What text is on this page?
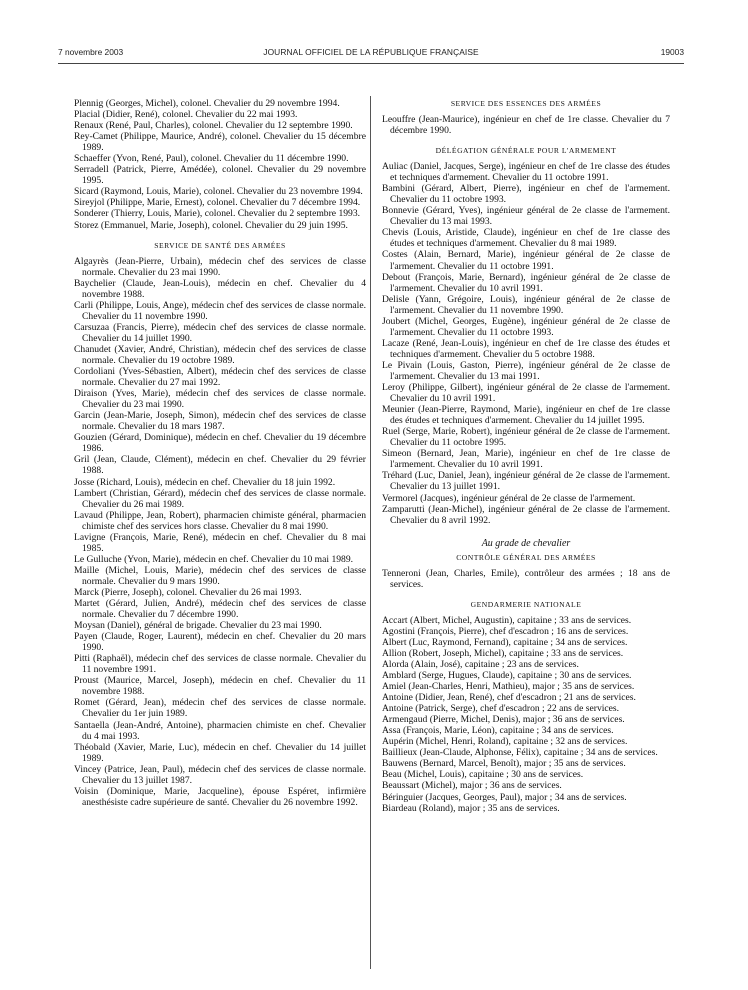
7 novembre 2003	JOURNAL OFFICIEL DE LA RÉPUBLIQUE FRANÇAISE	19003
Plennig (Georges, Michel), colonel. Chevalier du 29 novembre 1994.
Placial (Didier, René), colonel. Chevalier du 22 mai 1993.
Renaux (René, Paul, Charles), colonel. Chevalier du 12 septembre 1990.
Rey-Camet (Philippe, Maurice, André), colonel. Chevalier du 15 décembre 1989.
Schaeffer (Yvon, René, Paul), colonel. Chevalier du 11 décembre 1990.
Serradell (Patrick, Pierre, Amédée), colonel. Chevalier du 29 novembre 1995.
Sicard (Raymond, Louis, Marie), colonel. Chevalier du 23 novembre 1994.
Sireyjol (Philippe, Marie, Ernest), colonel. Chevalier du 7 décembre 1994.
Sonderer (Thierry, Louis, Marie), colonel. Chevalier du 2 septembre 1993.
Storez (Emmanuel, Marie, Joseph), colonel. Chevalier du 29 juin 1995.
SERVICE DE SANTÉ DES ARMÉES
Algayrès (Jean-Pierre, Urbain), médecin chef des services de classe normale. Chevalier du 23 mai 1990.
Baychelier (Claude, Jean-Louis), médecin en chef. Chevalier du 4 novembre 1988.
Carli (Philippe, Louis, Ange), médecin chef des services de classe normale. Chevalier du 11 novembre 1990.
Carsuzaa (Francis, Pierre), médecin chef des services de classe normale. Chevalier du 14 juillet 1990.
Chanudet (Xavier, André, Christian), médecin chef des services de classe normale. Chevalier du 19 octobre 1989.
Cordoliani (Yves-Sébastien, Albert), médecin chef des services de classe normale. Chevalier du 27 mai 1992.
Diraison (Yves, Marie), médecin chef des services de classe normale. Chevalier du 23 mai 1990.
Garcin (Jean-Marie, Joseph, Simon), médecin chef des services de classe normale. Chevalier du 18 mars 1987.
Gouzien (Gérard, Dominique), médecin en chef. Chevalier du 19 décembre 1986.
Gril (Jean, Claude, Clément), médecin en chef. Chevalier du 29 février 1988.
Josse (Richard, Louis), médecin en chef. Chevalier du 18 juin 1992.
Lambert (Christian, Gérard), médecin chef des services de classe normale. Chevalier du 26 mai 1989.
Lavaud (Philippe, Jean, Robert), pharmacien chimiste général, pharmacien chimiste chef des services hors classe. Chevalier du 8 mai 1990.
Lavigne (François, Marie, René), médecin en chef. Chevalier du 8 mai 1985.
Le Gulluche (Yvon, Marie), médecin en chef. Chevalier du 10 mai 1989.
Maille (Michel, Louis, Marie), médecin chef des services de classe normale. Chevalier du 9 mars 1990.
Marck (Pierre, Joseph), colonel. Chevalier du 26 mai 1993.
Martet (Gérard, Julien, André), médecin chef des services de classe normale. Chevalier du 7 décembre 1990.
Moysan (Daniel), général de brigade. Chevalier du 23 mai 1990.
Payen (Claude, Roger, Laurent), médecin en chef. Chevalier du 20 mars 1990.
Pitti (Raphaël), médecin chef des services de classe normale. Chevalier du 11 novembre 1991.
Proust (Maurice, Marcel, Joseph), médecin en chef. Chevalier du 11 novembre 1988.
Romet (Gérard, Jean), médecin chef des services de classe normale. Chevalier du 1er juin 1989.
Santaella (Jean-André, Antoine), pharmacien chimiste en chef. Chevalier du 4 mai 1993.
Théobald (Xavier, Marie, Luc), médecin en chef. Chevalier du 14 juillet 1989.
Vincey (Patrice, Jean, Paul), médecin chef des services de classe normale. Chevalier du 13 juillet 1987.
Voisin (Dominique, Marie, Jacqueline), épouse Espéret, infirmière anesthésiste cadre supérieure de santé. Chevalier du 26 novembre 1992.
SERVICE DES ESSENCES DES ARMÉES
Leouffre (Jean-Maurice), ingénieur en chef de 1re classe. Chevalier du 7 décembre 1990.
DÉLÉGATION GÉNÉRALE POUR L'ARMEMENT
Auliac (Daniel, Jacques, Serge), ingénieur en chef de 1re classe des études et techniques d'armement. Chevalier du 11 octobre 1991.
Bambini (Gérard, Albert, Pierre), ingénieur en chef de l'armement. Chevalier du 11 octobre 1993.
Bonnevie (Gérard, Yves), ingénieur général de 2e classe de l'armement. Chevalier du 13 mai 1993.
Chevis (Louis, Aristide, Claude), ingénieur en chef de 1re classe des études et techniques d'armement. Chevalier du 8 mai 1989.
Costes (Alain, Bernard, Marie), ingénieur général de 2e classe de l'armement. Chevalier du 11 octobre 1991.
Debout (François, Marie, Bernard), ingénieur général de 2e classe de l'armement. Chevalier du 10 avril 1991.
Delisle (Yann, Grégoire, Louis), ingénieur général de 2e classe de l'armement. Chevalier du 11 novembre 1990.
Joubert (Michel, Georges, Eugène), ingénieur général de 2e classe de l'armement. Chevalier du 11 octobre 1993.
Lacaze (René, Jean-Louis), ingénieur en chef de 1re classe des études et techniques d'armement. Chevalier du 5 octobre 1988.
Le Pivain (Louis, Gaston, Pierre), ingénieur général de 2e classe de l'armement. Chevalier du 13 mai 1991.
Leroy (Philippe, Gilbert), ingénieur général de 2e classe de l'armement. Chevalier du 10 avril 1991.
Meunier (Jean-Pierre, Raymond, Marie), ingénieur en chef de 1re classe des études et techniques d'armement. Chevalier du 14 juillet 1995.
Ruel (Serge, Marie, Robert), ingénieur général de 2e classe de l'armement. Chevalier du 11 octobre 1995.
Simeon (Bernard, Jean, Marie), ingénieur en chef de 1re classe de l'armement. Chevalier du 10 avril 1991.
Tréhard (Luc, Daniel, Jean), ingénieur général de 2e classe de l'armement. Chevalier du 13 juillet 1991.
Vermorel (Jacques), ingénieur général de 2e classe de l'armement.
Zamparutti (Jean-Michel), ingénieur général de 2e classe de l'armement. Chevalier du 8 avril 1992.
Au grade de chevalier
CONTRÔLE GÉNÉRAL DES ARMÉES
Tenneroni (Jean, Charles, Emile), contrôleur des armées ; 18 ans de services.
GENDARMERIE NATIONALE
Accart (Albert, Michel, Augustin), capitaine ; 33 ans de services.
Agostini (François, Pierre), chef d'escadron ; 16 ans de services.
Albert (Luc, Raymond, Fernand), capitaine ; 34 ans de services.
Allion (Robert, Joseph, Michel), capitaine ; 33 ans de services.
Alorda (Alain, José), capitaine ; 23 ans de services.
Amblard (Serge, Hugues, Claude), capitaine ; 30 ans de services.
Amiel (Jean-Charles, Henri, Mathieu), major ; 35 ans de services.
Antoine (Didier, Jean, René), chef d'escadron ; 21 ans de services.
Antoine (Patrick, Serge), chef d'escadron ; 22 ans de services.
Armengaud (Pierre, Michel, Denis), major ; 36 ans de services.
Assa (François, Marie, Léon), capitaine ; 34 ans de services.
Aupérin (Michel, Henri, Roland), capitaine ; 32 ans de services.
Baillieux (Jean-Claude, Alphonse, Félix), capitaine ; 34 ans de services.
Bauwens (Bernard, Marcel, Benoît), major ; 35 ans de services.
Beau (Michel, Louis), capitaine ; 30 ans de services.
Beaussart (Michel), major ; 36 ans de services.
Béringuier (Jacques, Georges, Paul), major ; 34 ans de services.
Biardeau (Roland), major ; 35 ans de services.
